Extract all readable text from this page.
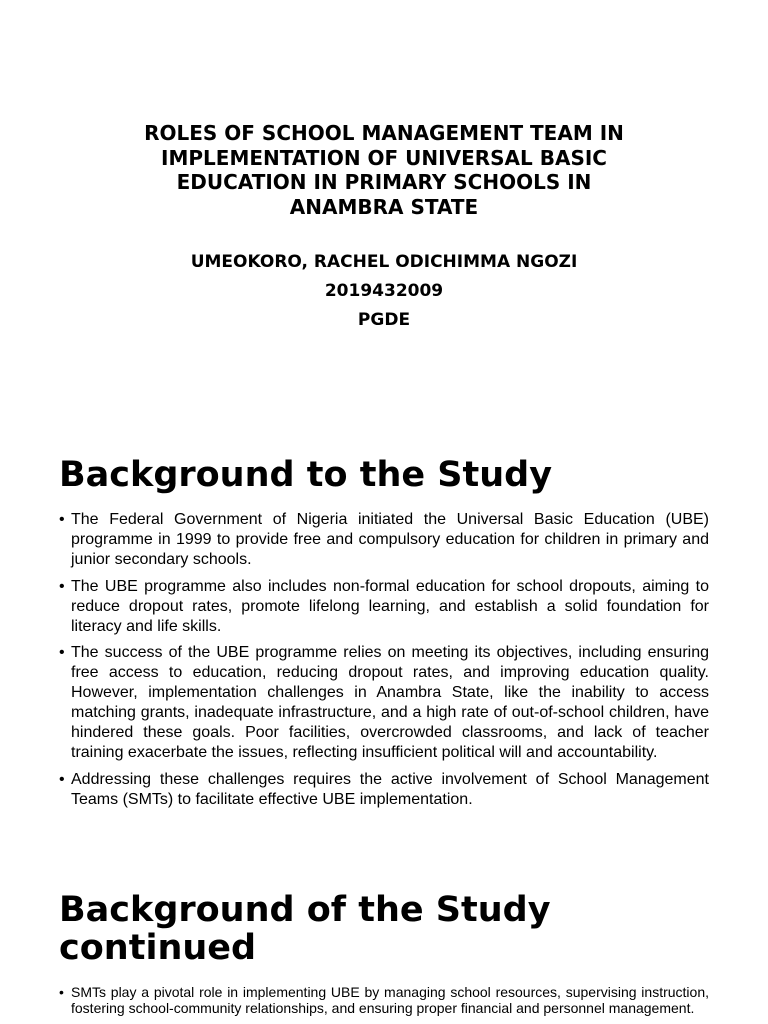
ROLES OF SCHOOL MANAGEMENT TEAM IN
IMPLEMENTATION OF UNIVERSAL BASIC
EDUCATION IN PRIMARY SCHOOLS IN
ANAMBRA STATE
UMEOKORO, RACHEL ODICHIMMA NGOZI
2019432009
PGDE
Background to the Study
• The Federal Government of Nigeria initiated the Universal Basic Education (UBE) programme in 1999 to provide free and compulsory education for children in primary and junior secondary schools.
• The UBE programme also includes non-formal education for school dropouts, aiming to reduce dropout rates, promote lifelong learning, and establish a solid foundation for literacy and life skills.
• The success of the UBE programme relies on meeting its objectives, including ensuring free access to education, reducing dropout rates, and improving education quality. However, implementation challenges in Anambra State, like the inability to access matching grants, inadequate infrastructure, and a high rate of out-of-school children, have hindered these goals. Poor facilities, overcrowded classrooms, and lack of teacher training exacerbate the issues, reflecting insufficient political will and accountability.
• Addressing these challenges requires the active involvement of School Management Teams (SMTs) to facilitate effective UBE implementation.
Background of the Study
continued
• SMTs play a pivotal role in implementing UBE by managing school resources, supervising instruction, fostering school-community relationships, and ensuring proper financial and personnel management.
